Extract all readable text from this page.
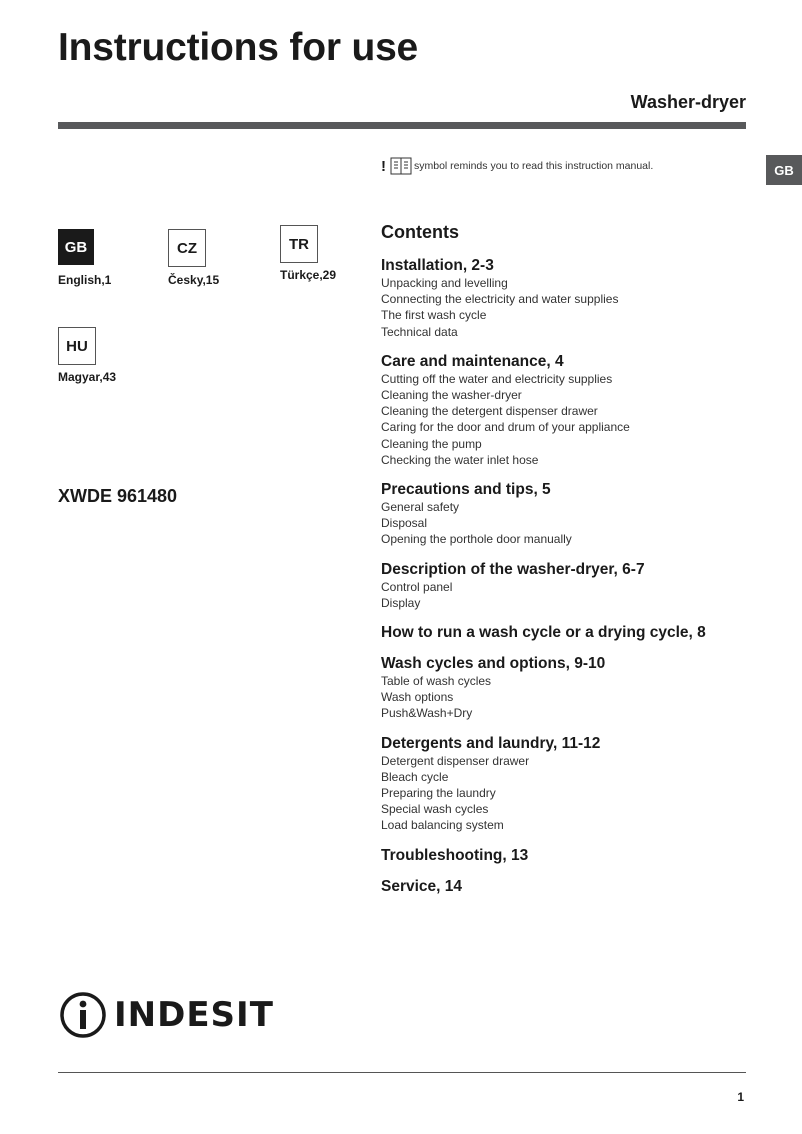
Instructions for use
Washer-dryer
GB
!	symbol reminds you to read this instruction manual.
GB
English,1
CZ
Česky,15
TR
Türkçe,29
HU
Magyar,43
XWDE 961480
Contents
Installation, 2-3
Unpacking and levelling
Connecting the electricity and water supplies
The first wash cycle
Technical data
Care and maintenance, 4
Cutting off the water and electricity supplies
Cleaning the washer-dryer
Cleaning the detergent dispenser drawer
Caring for the door and drum of your appliance
Cleaning the pump
Checking the water inlet hose
Precautions and tips, 5
General safety
Disposal
Opening the porthole door manually
Description of the washer-dryer, 6-7
Control panel
Display
How to run a wash cycle or a drying cycle, 8
Wash cycles and options, 9-10
Table of wash cycles
Wash options
Push&Wash+Dry
Detergents and laundry, 11-12
Detergent dispenser drawer
Bleach cycle
Preparing the laundry
Special wash cycles
Load balancing system
Troubleshooting, 13
Service, 14
INDESIT
1
